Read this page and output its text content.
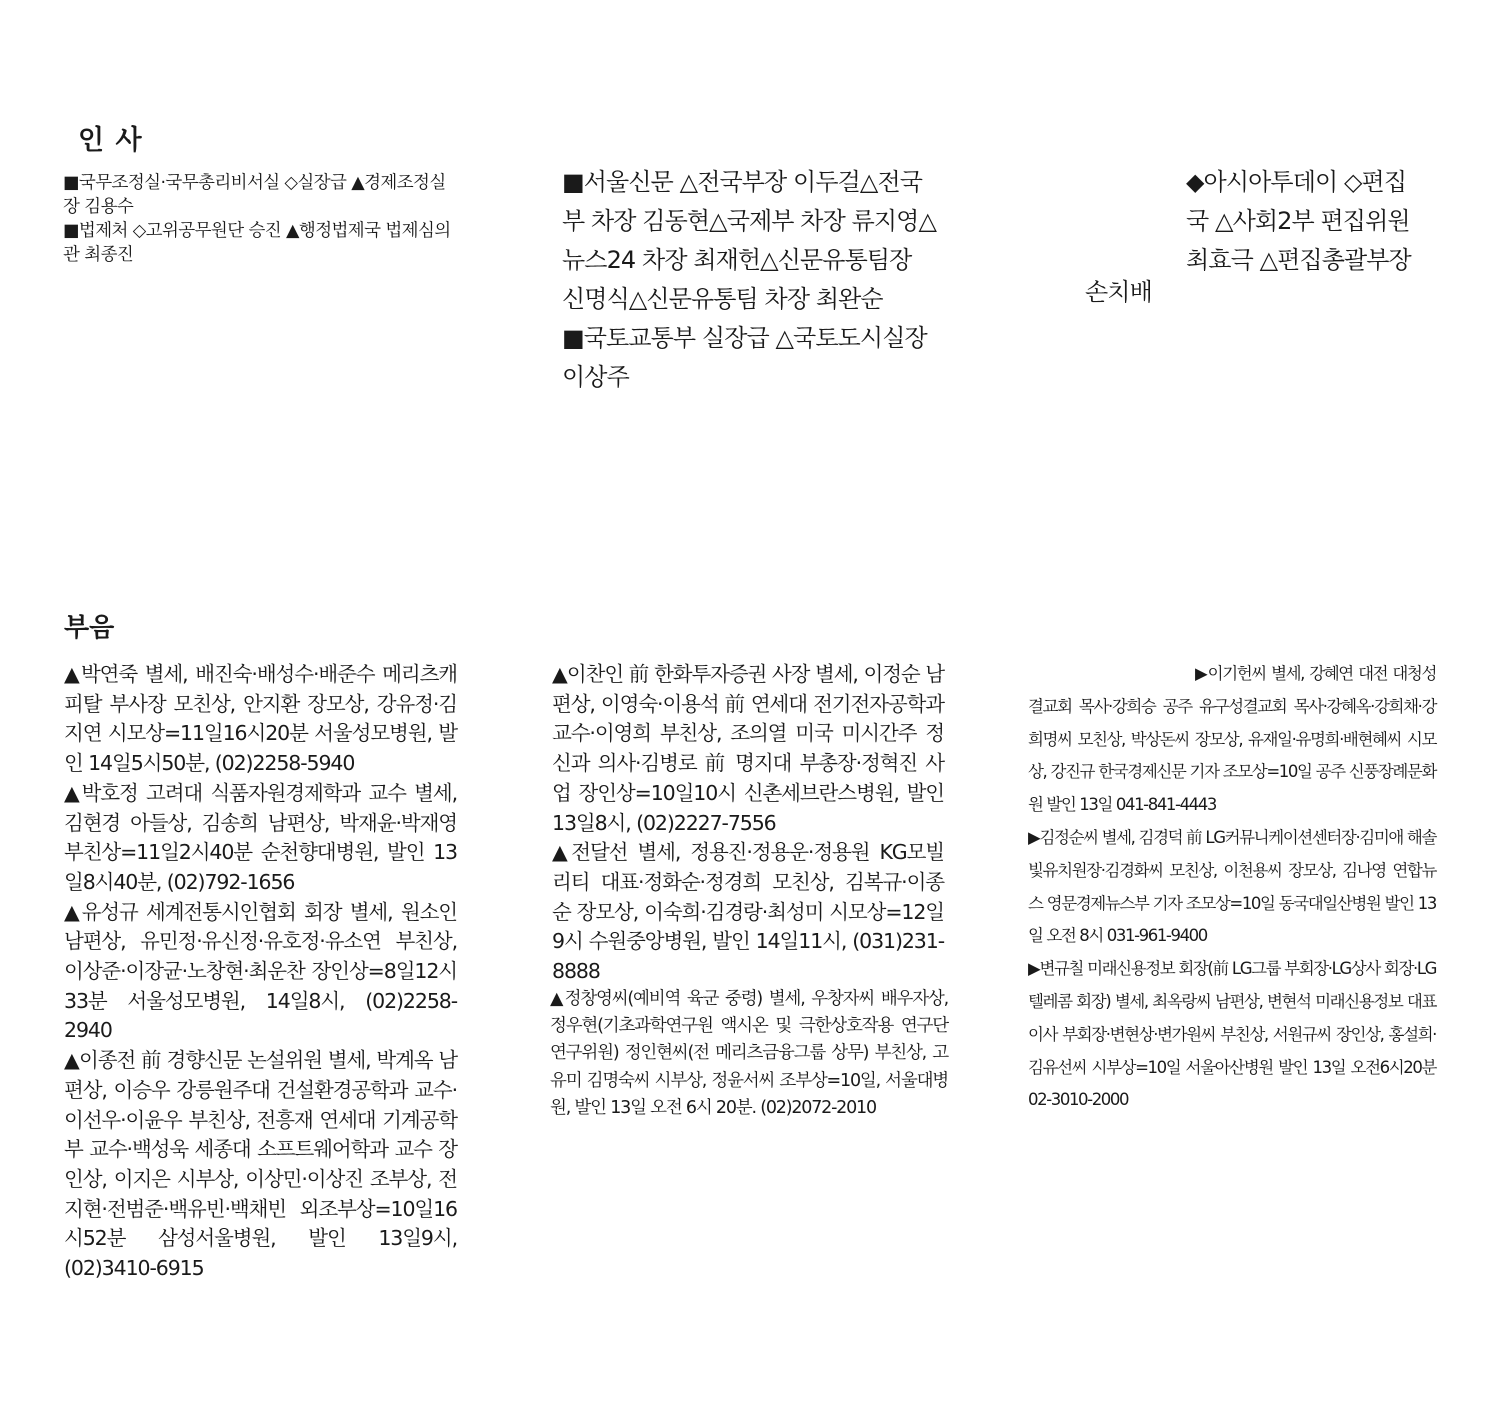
인 사

■국무조정실·국무총리비서실 ◇실장급 ▲경제조정실장 김용수

■법제처 ◇고위공무원단 승진 ▲행정법제국 법제심의관 최종진

■서울신문 △전국부장 이두걸△전국부 차장 김동현△국제부 차장 류지영△뉴스24 차장 최재헌△신문유통팀장 신명식△신문유통팀 차장 최완순

■국토교통부 실장급 △국토도시실장 이상주

◆아시아투데이 ◇편집

국 △사회2부 편집위원

최효극 △편집총괄부장

손치배
부음

▲박연죽 별세, 배진숙·배성수·배준수 메리츠캐피탈 부사장 모친상, 안지환 장모상, 강유정·김지연 시모상=11일16시20분 서울성모병원, 발인 14일5시50분, (02)2258-5940

▲박호정 고려대 식품자원경제학과 교수 별세, 김현경 아들상, 김송희 남편상, 박재윤·박재영 부친상=11일2시40분 순천향대병원, 발인 13일8시40분, (02)792-1656

▲유성규 세계전통시인협회 회장 별세, 원소인 남편상, 유민정·유신정·유호정·유소연 부친상, 이상준·이장균·노창현·최운찬 장인상=8일12시33분 서울성모병원, 14일8시, (02)2258-2940

▲이종전 前 경향신문 논설위원 별세, 박계옥 남편상, 이승우 강릉원주대 건설환경공학과 교수·이선우·이윤우 부친상, 전흥재 연세대 기계공학부 교수·백성욱 세종대 소프트웨어학과 교수 장인상, 이지은 시부상, 이상민·이상진 조부상, 전지현·전범준·백유빈·백채빈 외조부상=10일16시52분 삼성서울병원, 발인 13일9시, (02)3410-6915

▲이찬인 前 한화투자증권 사장 별세, 이정순 남편상, 이영숙·이용석 前 연세대 전기전자공학과 교수·이영희 부친상, 조의열 미국 미시간주 정신과 의사·김병로 前 명지대 부총장·정혁진 사업 장인상=10일10시 신촌세브란스병원, 발인 13일8시, (02)2227-7556

▲전달선 별세, 정용진·정용운·정용원 KG모빌리티 대표·정화순·정경희 모친상, 김복규·이종순 장모상, 이숙희·김경랑·최성미 시모상=12일9시 수원중앙병원, 발인 14일11시, (031)231-8888

▲정창영씨(예비역 육군 중령) 별세, 우창자씨 배우자상, 정우현(기초과학연구원 액시온 및 극한상호작용 연구단 연구위원) 정인현씨(전 메리츠금융그룹 상무) 부친상, 고유미 김명숙씨 시부상, 정윤서씨 조부상=10일, 서울대병원, 발인 13일 오전 6시 20분. (02)2072-2010

▶이기헌씨 별세, 강혜연 대전 대청성결교회 목사·강희승 공주 유구성결교회 목사·강혜옥·강희채·강희명씨 모친상, 박상돈씨 장모상, 유재일·유명희·배현혜씨 시모상, 강진규 한국경제신문 기자 조모상=10일 공주 신풍장례문화원 발인 13일 041-841-4443

▶김정순씨 별세, 김경덕 前 LG커뮤니케이션센터장·김미애 해솔빛유치원장·김경화씨 모친상, 이천용씨 장모상, 김나영 연합뉴스 영문경제뉴스부 기자 조모상=10일 동국대일산병원 발인 13일 오전 8시 031-961-9400

▶변규칠 미래신용정보 회장(前 LG그룹 부회장·LG상사 회장·LG텔레콤 회장) 별세, 최옥랑씨 남편상, 변현석 미래신용정보 대표이사 부회장·변현상·변가원씨 부친상, 서원규씨 장인상, 홍설희·김유선씨 시부상=10일 서울아산병원 발인 13일 오전6시20분 02-3010-2000
